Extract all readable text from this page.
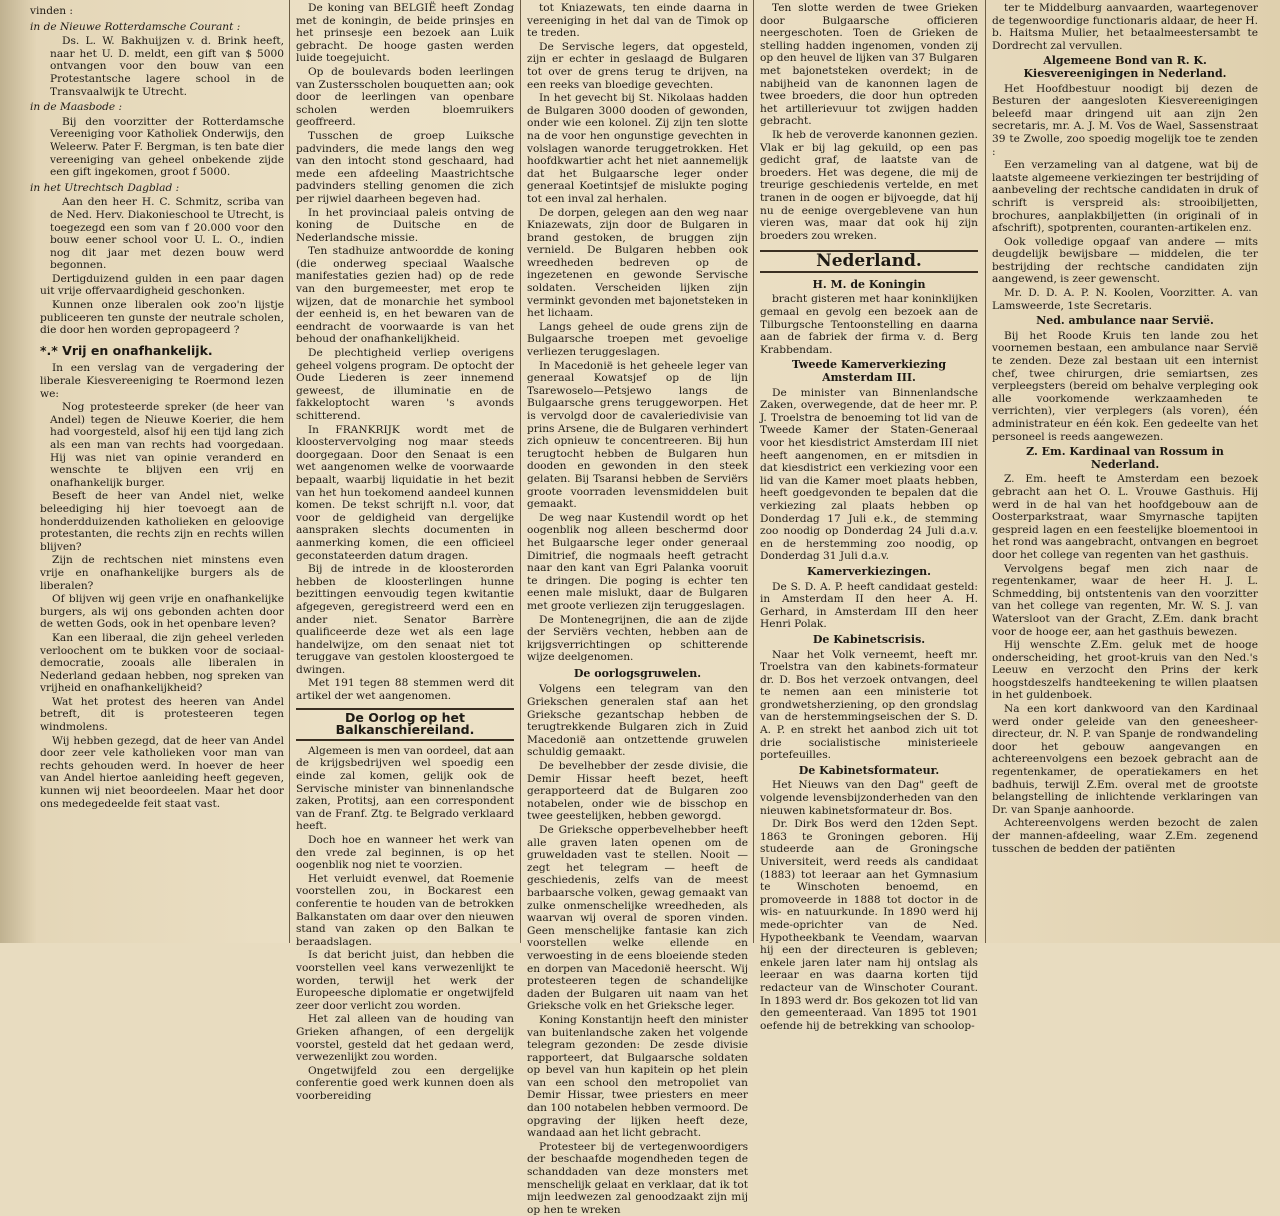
vinden :

in de Nieuwe Rotterdamsche Courant :

Ds. L. W. Bakhuijzen v. d. Brink heeft, naar het U. D. meldt, een gift van $ 5000 ontvangen voor den bouw van een Protestantsche lagere school in de Transvaalwijk te Utrecht.

in de Maasbode :

Bij den voorzitter der Rotterdamsche Vereeniging voor Katholiek Onderwijs, den Weleerw. Pater F. Bergman, is ten bate dier vereeniging van geheel onbekende zijde een gift ingekomen, groot f 5000.

in het Utrechtsch Dagblad :

Aan den heer H. C. Schmitz, scriba van de Ned. Herv. Diakonieschool te Utrecht, is toegezegd een som van f 20.000 voor den bouw eener school voor U. L. O., indien nog dit jaar met dezen bouw werd begonnen.

Dertigduizend gulden in een paar dagen uit vrije offervaardigheid geschonken.

Kunnen onze liberalen ook zoo'n lijstje publiceeren ten gunste der neutrale scholen, die door hen worden gepropageerd ?

*.* Vrij en onafhankelijk.

In een verslag van de vergadering der liberale Kiesvereeniging te Roermond lezen we:

Nog protesteerde spreker (de heer van Andel) tegen de Nieuwe Koerier, die hem had voorgesteld, alsof hij een tijd lang zich als een man van rechts had voorgedaan. Hij was niet van opinie veranderd en wenschte te blijven een vrij en onafhankelijk burger.

Beseft de heer van Andel niet, welke beleediging hij hier toevoegt aan de honderdduizenden katholieken en geloovige protestanten, die rechts zijn en rechts willen blijven?

Zijn de rechtschen niet minstens even vrije en onafhankelijke burgers als de liberalen?

Of blijven wij geen vrije en onafhankelijke burgers, als wij ons gebonden achten door de wetten Gods, ook in het openbare leven?

Kan een liberaal, die zijn geheel verleden verloochent om te bukken voor de sociaal-democratie, zooals alle liberalen in Nederland gedaan hebben, nog spreken van vrijheid en onafhankelijkheid?

Wat het protest des heeren van Andel betreft, dit is protesteeren tegen windmolens.

Wij hebben gezegd, dat de heer van Andel door zeer vele katholieken voor man van rechts gehouden werd. In hoever de heer van Andel hiertoe aanleiding heeft gegeven, kunnen wij niet beoordeelen. Maar het door ons medegedeelde feit staat vast.

De koning van BELGIË heeft Zondag met de koningin, de beide prinsjes en het prinsesje een bezoek aan Luik gebracht. De hooge gasten werden luide toegejuicht.

Op de boulevards boden leerlingen van Zustersscholen bouquetten aan; ook door de leerlingen van openbare scholen werden bloemruikers geoffreerd.

Tusschen de groep Luiksche padvinders, die mede langs den weg van den intocht stond geschaard, had mede een afdeeling Maastrichtsche padvinders stelling genomen die zich per rijwiel daarheen begeven had.

In het provinciaal paleis ontving de koning de Duitsche en de Nederlandsche missie.

Ten stadhuize antwoordde de koning (die onderweg speciaal Waalsche manifestaties gezien had) op de rede van den burgemeester, met erop te wijzen, dat de monarchie het symbool der eenheid is, en het bewaren van de eendracht de voorwaarde is van het behoud der onafhankelijkheid.

De plechtigheid verliep overigens geheel volgens program. De optocht der Oude Liederen is zeer innemend geweest, de illuminatie en de fakkeloptocht waren 's avonds schitterend.

In FRANKRIJK wordt met de kloostervervolging nog maar steeds doorgegaan. Door den Senaat is een wet aangenomen welke de voorwaarde bepaalt, waarbij liquidatie in het bezit van het hun toekomend aandeel kunnen komen. De tekst schrijft n.l. voor, dat voor de geldigheid van dergelijke aanspraken slechts documenten in aanmerking komen, die een officieel geconstateerden datum dragen.

Bij de intrede in de kloosterorden hebben de kloosterlingen hunne bezittingen eenvoudig tegen kwitantie afgegeven, geregistreerd werd een en ander niet. Senator Barrère qualificeerde deze wet als een lage handelwijze, om den senaat niet tot teruggave van gestolen kloostergoed te dwingen.

Met 191 tegen 88 stemmen werd dit artikel der wet aangenomen.

De Oorlog op het Balkanschiereiland.

Algemeen is men van oordeel, dat aan de krijgsbedrijven wel spoedig een einde zal komen, gelijk ook de Servische minister van binnenlandsche zaken, Protitsj, aan een correspondent van de Franf. Ztg. te Belgrado verklaard heeft.

Doch hoe en wanneer het werk van den vrede zal beginnen, is op het oogenblik nog niet te voorzien.

Het verluidt evenwel, dat Roemenie voorstellen zou, in Bockarest een conferentie te houden van de betrokken Balkanstaten om daar over den nieuwen stand van zaken op den Balkan te beraadslagen.

Is dat bericht juist, dan hebben die voorstellen veel kans verwezenlijkt te worden, terwijl het werk der Europeesche diplomatie er ongetwijfeld zeer door verlicht zou worden.

Het zal alleen van de houding van Grieken afhangen, of een dergelijk voorstel, gesteld dat het gedaan werd, verwezenlijkt zou worden.

Ongetwijfeld zou een dergelijke conferentie goed werk kunnen doen als voorbereiding

tot Kniazewats, ten einde daarna in vereeniging in het dal van de Timok op te treden.

De Servische legers, dat opgesteld, zijn er echter in geslaagd de Bulgaren tot over de grens terug te drijven, na een reeks van bloedige gevechten.

In het gevecht bij St. Nikolaas hadden de Bulgaren 3000 dooden of gewonden, onder wie een kolonel. Zij zijn ten slotte na de voor hen ongunstige gevechten in volslagen wanorde teruggetrokken. Het hoofdkwartier acht het niet aannemelijk dat het Bulgaarsche leger onder generaal Koetintsjef de mislukte poging tot een inval zal herhalen.

De dorpen, gelegen aan den weg naar Kniazewats, zijn door de Bulgaren in brand gestoken, de bruggen zijn vernield. De Bulgaren hebben ook wreedheden bedreven op de ingezetenen en gewonde Servische soldaten. Verscheiden lijken zijn verminkt gevonden met bajonetsteken in het lichaam.

Langs geheel de oude grens zijn de Bulgaarsche troepen met gevoelige verliezen teruggeslagen.

In Macedonië is het geheele leger van generaal Kowatsjef op de lijn Tsarewoselo—Petsjewo langs de Bulgaarsche grens teruggeworpen. Het is vervolgd door de cavaleriedivisie van prins Arsene, die de Bulgaren verhindert zich opnieuw te concentreeren. Bij hun terugtocht hebben de Bulgaren hun dooden en gewonden in den steek gelaten. Bij Tsaransi hebben de Serviërs groote voorraden levensmiddelen buit gemaakt.

De weg naar Kustendil wordt op het oogenblik nog alleen beschermd door het Bulgaarsche leger onder generaal Dimitrief, die nogmaals heeft getracht naar den kant van Egri Palanka vooruit te dringen. Die poging is echter ten eenen male mislukt, daar de Bulgaren met groote verliezen zijn teruggeslagen.

De Montenegrijnen, die aan de zijde der Serviërs vechten, hebben aan de krijgsverrichtingen op schitterende wijze deelgenomen.

De oorlogsgruwelen.

Volgens een telegram van den Griekschen generalen staf aan het Grieksche gezantschap hebben de terugtrekkende Bulgaren zich in Zuid Macedonië aan ontzettende gruwelen schuldig gemaakt.

De bevelhebber der zesde divisie, die Demir Hissar heeft bezet, heeft gerapporteerd dat de Bulgaren zoo notabelen, onder wie de bisschop en twee geestelijken, hebben geworgd.

De Grieksche opperbevelhebber heeft alle graven laten openen om de gruweldaden vast te stellen. Nooit — zegt het telegram — heeft de geschiedenis, zelfs van de meest barbaarsche volken, gewag gemaakt van zulke onmenschelijke wreedheden, als waarvan wij overal de sporen vinden. Geen menschelijke fantasie kan zich voorstellen welke ellende en verwoesting in de eens bloeiende steden en dorpen van Macedonië heerscht. Wij protesteeren tegen de schandelijke daden der Bulgaren uit naam van het Grieksche volk en het Grieksche leger.

Koning Konstantijn heeft den minister van buitenlandsche zaken het volgende telegram gezonden: De zesde divisie rapporteert, dat Bulgaarsche soldaten op bevel van hun kapitein op het plein van een school den metropoliet van Demir Hissar, twee priesters en meer dan 100 notabelen hebben vermoord. De opgraving der lijken heeft deze, wandaad aan het licht gebracht.

Protesteer bij de vertegenwoordigers der beschaafde mogendheden tegen de schanddaden van deze monsters met menschelijk gelaat en verklaar, dat ik tot mijn leedwezen zal genoodzaakt zijn mij op hen te wreken

Ten slotte werden de twee Grieken door Bulgaarsche officieren neergeschoten. Toen de Grieken de stelling hadden ingenomen, vonden zij op den heuvel de lijken van 37 Bulgaren met bajonetsteken overdekt; in de nabijheid van de kanonnen lagen de twee broeders, die door hun optreden het artillerievuur tot zwijgen hadden gebracht.

Ik heb de veroverde kanonnen gezien. Vlak er bij lag gekuild, op een pas gedicht graf, de laatste van de broeders. Het was degene, die mij de treurige geschiedenis vertelde, en met tranen in de oogen er bijvoegde, dat hij nu de eenige overgeblevene van hun vieren was, maar dat ook hij zijn broeders zou wreken.

Nederland.
H. M. de Koningin

bracht gisteren met haar koninklijken gemaal en gevolg een bezoek aan de Tilburgsche Tentoonstelling en daarna aan de fabriek der firma v. d. Berg Krabbendam.

Tweede Kamerverkiezing Amsterdam III.

De minister van Binnenlandsche Zaken, overwegende, dat de heer mr. P. J. Troelstra de benoeming tot lid van de Tweede Kamer der Staten-Generaal voor het kiesdistrict Amsterdam III niet heeft aangenomen, en er mitsdien in dat kiesdistrict een verkiezing voor een lid van die Kamer moet plaats hebben, heeft goedgevonden te bepalen dat die verkiezing zal plaats hebben op Donderdag 17 Juli e.k., de stemming zoo noodig op Donderdag 24 Juli d.a.v. en de herstemming zoo noodig, op Donderdag 31 Juli d.a.v.

Kamerverkiezingen.

De S. D. A. P. heeft candidaat gesteld: in Amsterdam II den heer A. H. Gerhard, in Amsterdam III den heer Henri Polak.

De Kabinetscrisis.

Naar het Volk verneemt, heeft mr. Troelstra van den kabinets-formateur dr. D. Bos het verzoek ontvangen, deel te nemen aan een ministerie tot grondwetsherziening, op den grondslag van de herstemmingseischen der S. D. A. P. en strekt het aanbod zich uit tot drie socialistische ministerieele portefeuilles.

De Kabinetsformateur.

Het Nieuws van den Dag" geeft de volgende levensbijzonderheden van den nieuwen kabinetsformateur dr. Bos.

Dr. Dirk Bos werd den 12den Sept. 1863 te Groningen geboren. Hij studeerde aan de Groningsche Universiteit, werd reeds als candidaat (1883) tot leeraar aan het Gymnasium te Winschoten benoemd, en promoveerde in 1888 tot doctor in de wis- en natuurkunde. In 1890 werd hij mede-oprichter van de Ned. Hypotheekbank te Veendam, waarvan hij een der directeuren is gebleven; enkele jaren later nam hij ontslag als leeraar en was daarna korten tijd redacteur van de Winschoter Courant. In 1893 werd dr. Bos gekozen tot lid van den gemeenteraad. Van 1895 tot 1901 oefende hij de betrekking van schoolop-

ter te Middelburg aanvaarden, waartegenover de tegenwoordige functionaris aldaar, de heer H. b. Haitsma Mulier, het betaalmeestersambt te Dordrecht zal vervullen.

Algemeene Bond van R. K. Kiesvereenigingen in Nederland.

Het Hoofdbestuur noodigt bij dezen de Besturen der aangesloten Kiesvereenigingen beleefd maar dringend uit aan zijn 2en secretaris, mr. A. J. M. Vos de Wael, Sassenstraat 39 te Zwolle, zoo spoedig mogelijk toe te zenden :

Een verzameling van al datgene, wat bij de laatste algemeene verkiezingen ter bestrijding of aanbeveling der rechtsche candidaten in druk of schrift is verspreid als: strooibiljetten, brochures, aanplakbiljetten (in originali of in afschrift), spotprenten, couranten-artikelen enz.

Ook volledige opgaaf van andere — mits deugdelijk bewijsbare — middelen, die ter bestrijding der rechtsche candidaten zijn aangewend, is zeer gewenscht.

Mr. D. D. A. P. N. Koolen, Voorzitter. A. van Lamsweerde, 1ste Secretaris.

Ned. ambulance naar Servië.

Bij het Roode Kruis ten lande zou het voornemen bestaan, een ambulance naar Servië te zenden. Deze zal bestaan uit een internist chef, twee chirurgen, drie semiartsen, zes verpleegsters (bereid om behalve verpleging ook alle voorkomende werkzaamheden te verrichten), vier verplegers (als voren), één administrateur en één kok. Een gedeelte van het personeel is reeds aangewezen.

Z. Em. Kardinaal van Rossum in Nederland.

Z. Em. heeft te Amsterdam een bezoek gebracht aan het O. L. Vrouwe Gasthuis. Hij werd in de hal van het hoofdgebouw aan de Oosterparkstraat, waar Smyrnasche tapijten gespreid lagen en een feestelijke bloementooi in het rond was aangebracht, ontvangen en begroet door het college van regenten van het gasthuis.

Vervolgens begaf men zich naar de regentenkamer, waar de heer H. J. L. Schmedding, bij ontstentenis van den voorzitter van het college van regenten, Mr. W. S. J. van Watersloot van der Gracht, Z.Em. dank bracht voor de hooge eer, aan het gasthuis bewezen.

Hij wenschte Z.Em. geluk met de hooge onderscheiding, het groot-kruis van den Ned.'s Leeuw en verzocht den Prins der kerk hoogstdeszelfs handteekening te willen plaatsen in het guldenboek.

Na een kort dankwoord van den Kardinaal werd onder geleide van den geneesheer-directeur, dr. N. P. van Spanje de rondwandeling door het gebouw aangevangen en achtereenvolgens een bezoek gebracht aan de regentenkamer, de operatiekamers en het badhuis, terwijl Z.Em. overal met de grootste belangstelling de inlichtende verklaringen van Dr. van Spanje aanhoorde.

Achtereenvolgens werden bezocht de zalen der mannen-afdeeling, waar Z.Em. zegenend tusschen de bedden der patiënten
